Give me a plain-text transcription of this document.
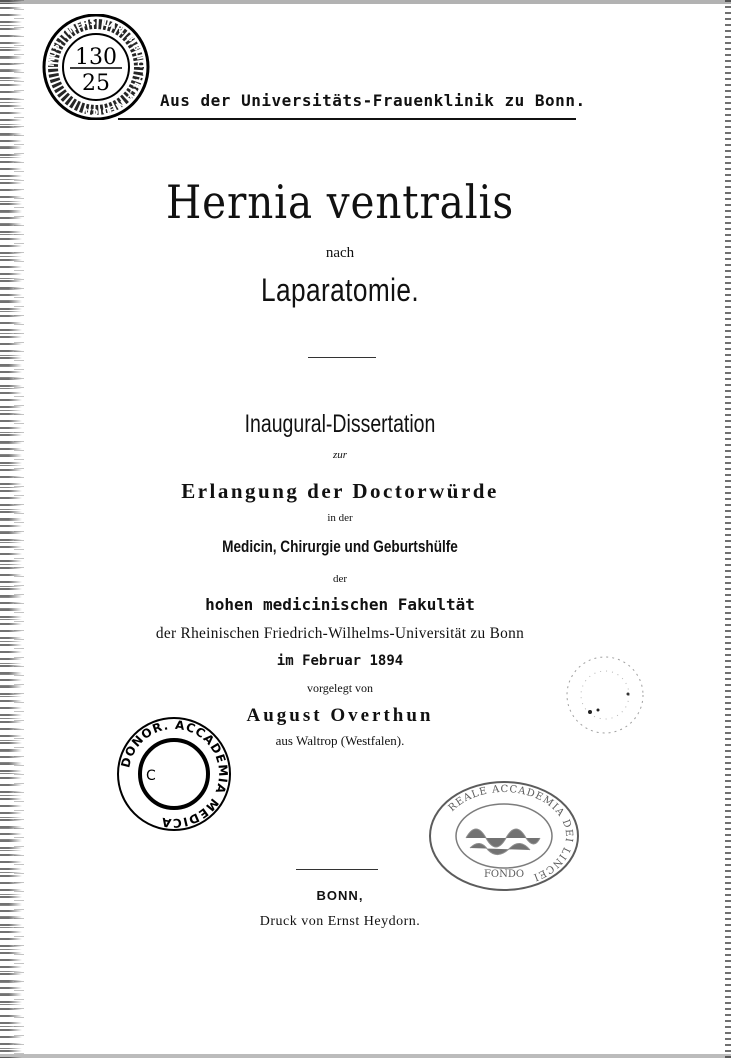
MUS. TINERS. LAR. BIBLIOTHECA MEDICA
130
25
Aus der Universitäts-Frauenklinik zu Bonn.
Hernia ventralis
nach
Laparatomie.
Inaugural-Dissertation
zur
Erlangung der Doctorwürde
in der
Medicin, Chirurgie und Geburtshülfe
der
hohen medicinischen Fakultät
der Rheinischen Friedrich-Wilhelms-Universität zu Bonn
im Februar 1894
vorgelegt von
August Overthun
aus Waltrop (Westfalen).
DONOR. ACCADEMIA MEDICA
C
REALE ACCADEMIA DEI LINCEI
FONDO
BONN,
Druck von Ernst Heydorn.
